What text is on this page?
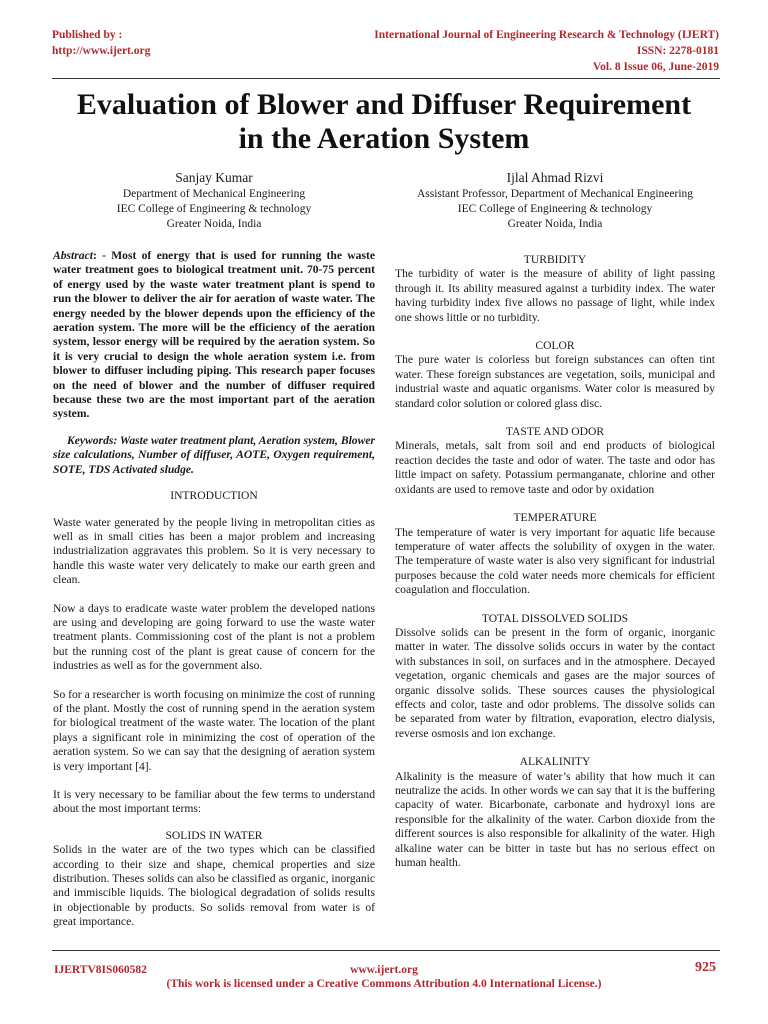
Published by :
http://www.ijert.org
International Journal of Engineering Research & Technology (IJERT)
ISSN: 2278-0181
Vol. 8 Issue 06, June-2019
Evaluation of Blower and Diffuser Requirement
in the Aeration System
Sanjay Kumar
Department of Mechanical Engineering
IEC College of Engineering & technology
Greater Noida, India
Ijlal Ahmad Rizvi
Assistant Professor, Department of Mechanical Engineering
IEC College of Engineering & technology
Greater Noida, India

Abstract: - Most of energy that is used for running the waste water treatment goes to biological treatment unit. 70-75 percent of energy used by the waste water treatment plant is spend to run the blower to deliver the air for aeration of waste water. The energy needed by the blower depends upon the efficiency of the aeration system. The more will be the efficiency of the aeration system, lessor energy will be required by the aeration system. So it is very crucial to design the whole aeration system i.e. from blower to diffuser including piping. This research paper focuses on the need of blower and the number of diffuser required because these two are the most important part of the aeration system.

Keywords: Waste water treatment plant, Aeration system, Blower size calculations, Number of diffuser, AOTE, Oxygen requirement, SOTE, TDS Activated sludge.

INTRODUCTION

Waste water generated by the people living in metropolitan cities as well as in small cities has been a major problem and increasing industrialization aggravates this problem. So it is very necessary to handle this waste water very delicately to make our earth green and clean.

Now a days to eradicate waste water problem the developed nations are using and developing are going forward to use the waste water treatment plants. Commissioning cost of the plant is not a problem but the running cost of the plant is great cause of concern for the industries as well as for the government also.

So for a researcher is worth focusing on minimize the cost of running of the plant. Mostly the cost of running spend in the aeration system for biological treatment of the waste water. The location of the plant plays a significant role in minimizing the cost of operation of the aeration system. So we can say that the designing of aeration system is very important [4].

It is very necessary to be familiar about the few terms to understand about the most important terms:

SOLIDS IN WATER

Solids in the water are of the two types which can be classified according to their size and shape, chemical properties and size distribution. Theses solids can also be classified as organic, inorganic and immiscible liquids. The biological degradation of solids results in objectionable by products. So solids removal from water is of great importance.

TURBIDITY

The turbidity of water is the measure of ability of light passing through it. Its ability measured against a turbidity index. The water having turbidity index five allows no passage of light, while index one shows little or no turbidity.

COLOR

The pure water is colorless but foreign substances can often tint water. These foreign substances are vegetation, soils, municipal and industrial waste and aquatic organisms. Water color is measured by standard color solution or colored glass disc.

TASTE AND ODOR

Minerals, metals, salt from soil and end products of biological reaction decides the taste and odor of water. The taste and odor has little impact on safety. Potassium permanganate, chlorine and other oxidants are used to remove taste and odor by oxidation

TEMPERATURE

The temperature of water is very important for aquatic life because temperature of water affects the solubility of oxygen in the water. The temperature of waste water is also very significant for industrial purposes because the cold water needs more chemicals for efficient coagulation and flocculation.

TOTAL DISSOLVED SOLIDS

Dissolve solids can be present in the form of organic, inorganic matter in water. The dissolve solids occurs in water by the contact with substances in soil, on surfaces and in the atmosphere. Decayed vegetation, organic chemicals and gases are the major sources of organic dissolve solids. These sources causes the physiological effects and color, taste and odor problems. The dissolve solids can be separated from water by filtration, evaporation, electro dialysis, reverse osmosis and ion exchange.

ALKALINITY

Alkalinity is the measure of water’s ability that how much it can neutralize the acids. In other words we can say that it is the buffering capacity of water. Bicarbonate, carbonate and hydroxyl ions are responsible for the alkalinity of the water. Carbon dioxide from the different sources is also responsible for alkalinity of the water. High alkaline water can be bitter in taste but has no serious effect on human health.

IJERTV8IS060582	www.ijert.org
(This work is licensed under a Creative Commons Attribution 4.0 International License.)
925
